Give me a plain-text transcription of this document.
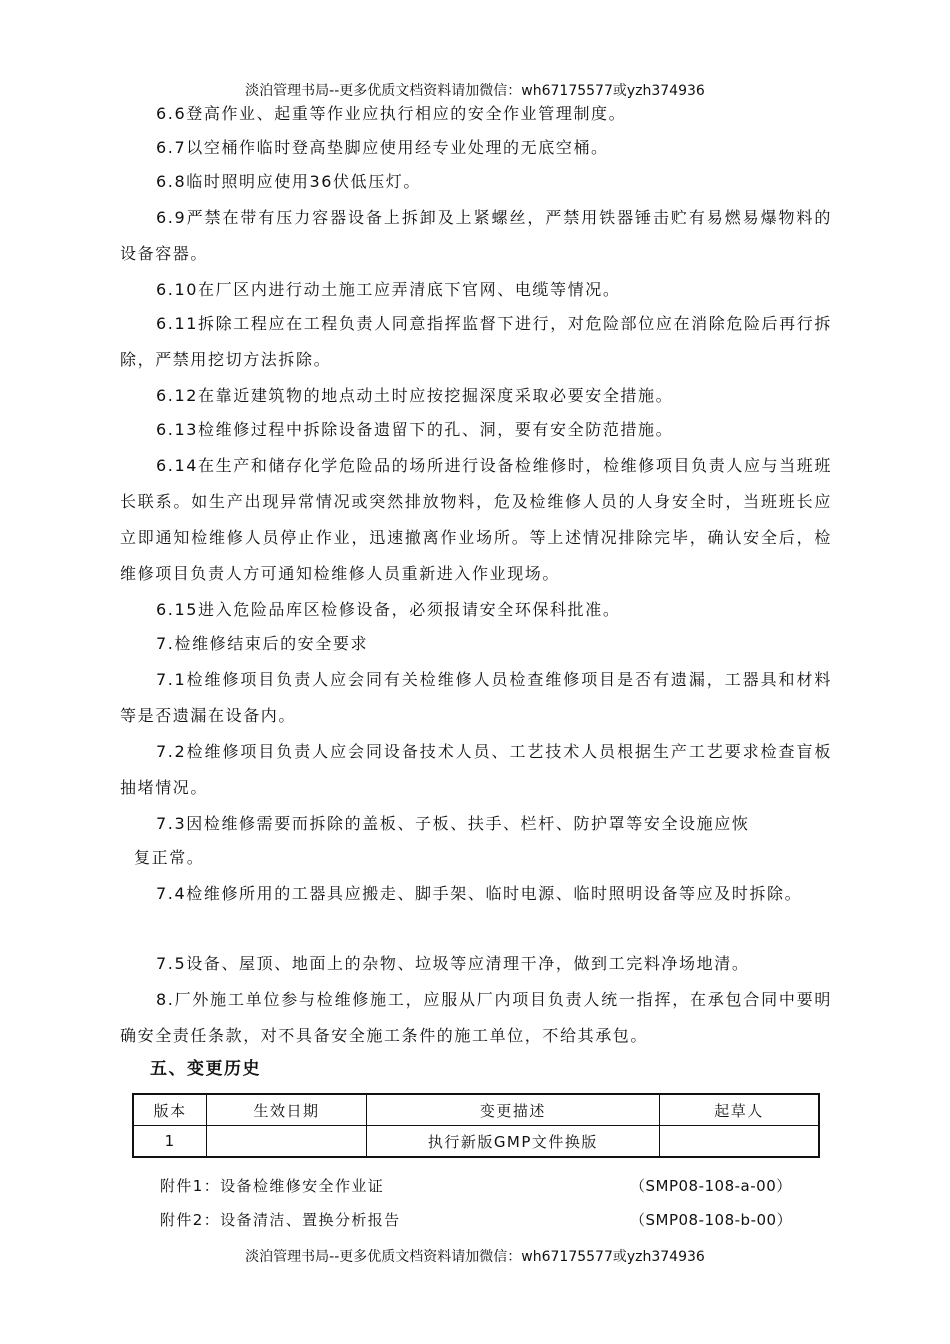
淡泊管理书局--更多优质文档资料请加微信：wh67175577或yzh374936

6.6登高作业、起重等作业应执行相应的安全作业管理制度。

6.7以空桶作临时登高垫脚应使用经专业处理的无底空桶。

6.8临时照明应使用36伏低压灯。

6.9严禁在带有压力容器设备上拆卸及上紧螺丝，严禁用铁器锤击贮有易燃易爆物料的设备容器。

6.10在厂区内进行动土施工应弄清底下官网、电缆等情况。

6.11拆除工程应在工程负责人同意指挥监督下进行，对危险部位应在消除危险后再行拆除，严禁用挖切方法拆除。

6.12在靠近建筑物的地点动土时应按挖掘深度采取必要安全措施。

6.13检维修过程中拆除设备遗留下的孔、洞，要有安全防范措施。

6.14在生产和储存化学危险品的场所进行设备检维修时，检维修项目负责人应与当班班长联系。如生产出现异常情况或突然排放物料，危及检维修人员的人身安全时，当班班长应立即通知检维修人员停止作业，迅速撤离作业场所。等上述情况排除完毕，确认安全后，检维修项目负责人方可通知检维修人员重新进入作业现场。

6.15进入危险品库区检修设备，必须报请安全环保科批准。

7.检维修结束后的安全要求

7.1检维修项目负责人应会同有关检维修人员检查维修项目是否有遗漏，工器具和材料等是否遗漏在设备内。

7.2检维修项目负责人应会同设备技术人员、工艺技术人员根据生产工艺要求检查盲板抽堵情况。

7.3因检维修需要而拆除的盖板、子板、扶手、栏杆、防护罩等安全设施应恢

复正常。

7.4检维修所用的工器具应搬走、脚手架、临时电源、临时照明设备等应及时拆除。

7.5设备、屋顶、地面上的杂物、垃圾等应清理干净，做到工完料净场地清。

8.厂外施工单位参与检维修施工，应服从厂内项目负责人统一指挥，在承包合同中要明确安全责任条款，对不具备安全施工条件的施工单位，不给其承包。

五、变更历史
版本	生效日期	变更描述	起草人
1		执行新版GMP文件换版	
附件1：设备检维修安全作业证	（SMP08-108-a-00）
附件2：设备清洁、置换分析报告	（SMP08-108-b-00）
淡泊管理书局--更多优质文档资料请加微信：wh67175577或yzh374936
